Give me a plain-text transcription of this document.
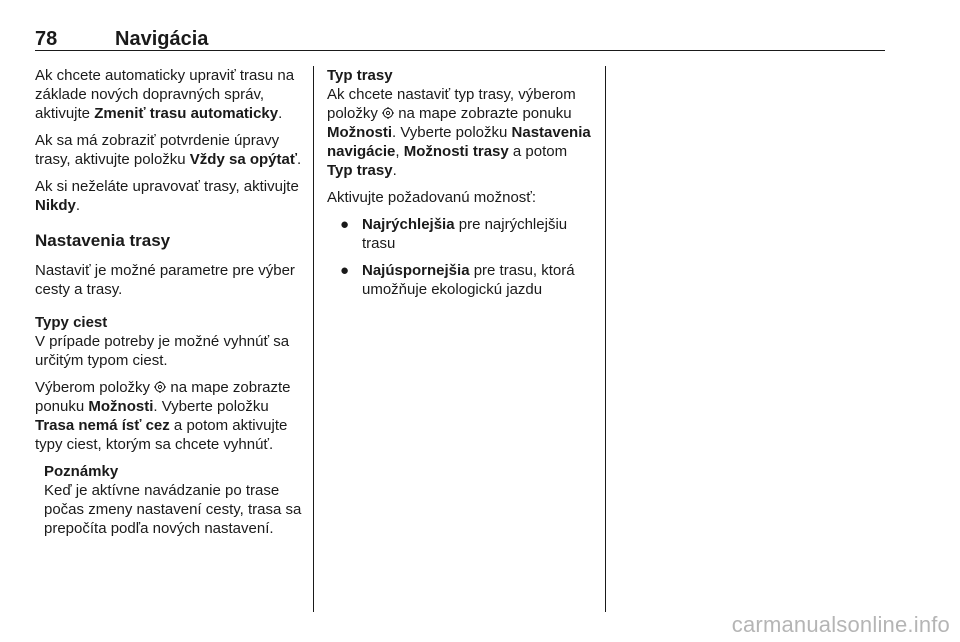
78	Navigácia

Ak chcete automaticky upraviť trasu na základe nových dopravných správ, aktivujte Zmeniť trasu automaticky.

Ak sa má zobraziť potvrdenie úpravy trasy, aktivujte položku Vždy sa opýtať.

Ak si neželáte upravovať trasy, aktivujte Nikdy.

Nastavenia trasy

Nastaviť je možné parametre pre výber cesty a trasy.

Typy ciest

V prípade potreby je možné vyhnúť sa určitým typom ciest.

Výberom položky  na mape zobrazte ponuku Možnosti. Vyberte položku Trasa nemá ísť cez a potom aktivujte typy ciest, ktorým sa chcete vyhnúť.

Poznámky

Keď je aktívne navádzanie po trase počas zmeny nastavení cesty, trasa sa prepočíta podľa nových nastavení.

Typ trasy

Ak chcete nastaviť typ trasy, výberom položky  na mape zobrazte ponuku Možnosti. Vyberte položku Nastavenia navigácie, Možnosti trasy a potom Typ trasy.

Aktivujte požadovanú možnosť:

● Najrýchlejšia pre najrýchlejšiu trasu
● Najúspornejšia pre trasu, ktorá umožňuje ekologickú jazdu
carmanualsonline.info
